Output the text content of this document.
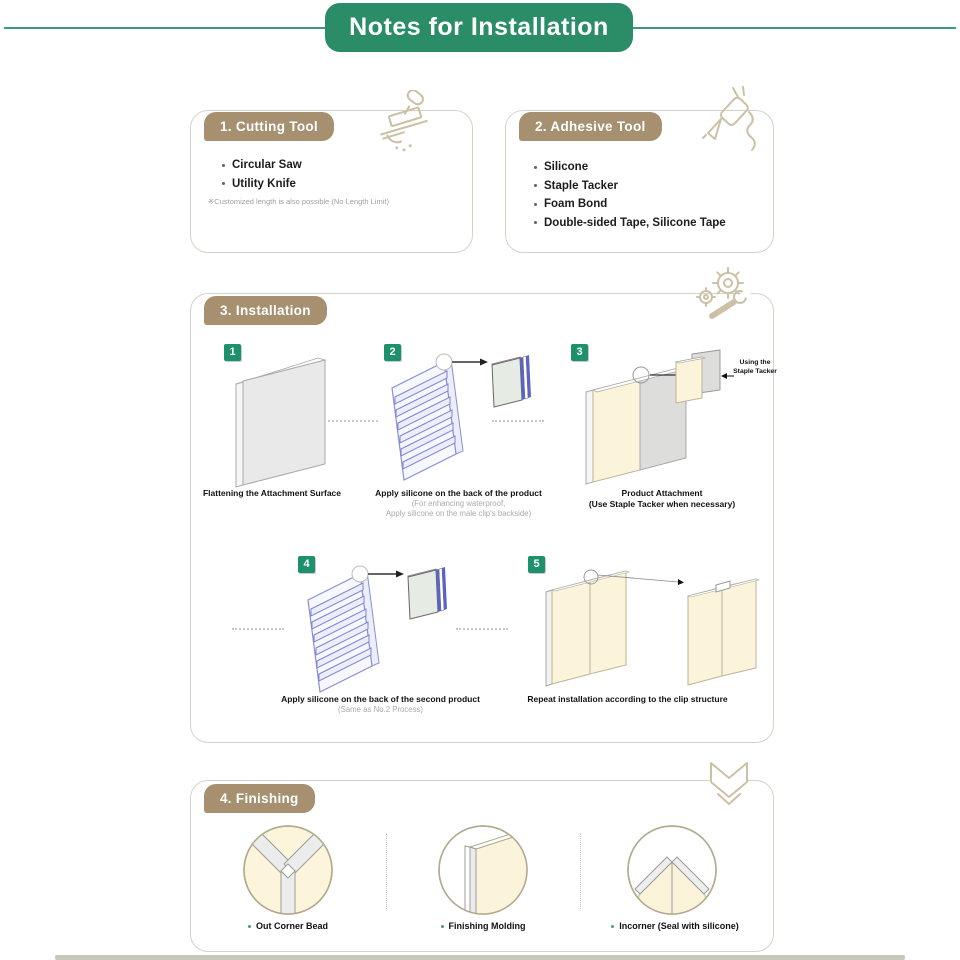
Notes for Installation
1. Cutting Tool
Circular Saw
Utility Knife
※Customized length is also possible (No Length Limit)
2. Adhesive Tool
Silicone
Staple Tacker
Foam Bond
Double-sided Tape, Silicone Tape
3. Installation
1	2	3
Using the
Staple Tacker
Flattening the Attachment Surface	Apply silicone on the back of the product
(For enhancing waterproof,
Apply silicone on the male clip's backside)
Product Attachment
(Use Staple Tacker when necessary)
4	5
Apply silicone on the back of the second product
(Same as No.2 Process)
Repeat installation according to the clip structure
4. Finishing
Out Corner Bead	Finishing Molding	Incorner (Seal with silicone)
